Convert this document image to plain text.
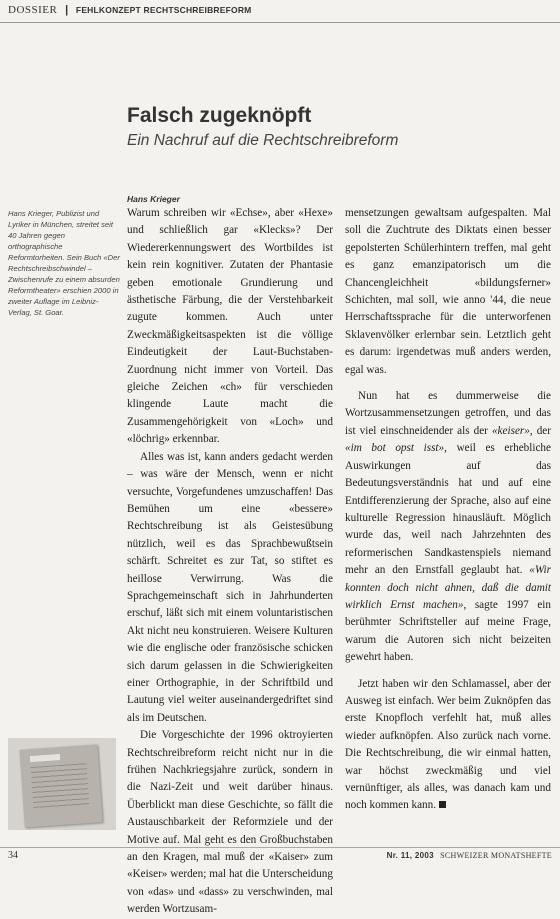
DOSSIER | FEHLKONZEPT RECHTSCHREIBREFORM
Falsch zugeknöpft
Ein Nachruf auf die Rechtschreibreform
Hans Krieger
Hans Krieger, Publizist und Lyriker in München, streitet seit 40 Jahren gegen orthographische Reformtorheiten. Sein Buch «Der Rechtschreibschwindel – Zwischenrufe zu einem absurden Reformtheater» erschien 2000 in zweiter Auflage im Leibniz-Verlag, St. Goar.

Warum schreiben wir «Echse», aber «Hexe» und schließlich gar «Klecks»? Der Wiedererkennungswert des Wortbildes ist kein rein kognitiver. Zutaten der Phantasie geben emotionale Grundierung und ästhetische Färbung, die der Verstehbarkeit zugute kommen. Auch unter Zweckmäßigkeitsaspekten ist die völlige Eindeutigkeit der Laut-Buchstaben-Zuordnung nicht immer von Vorteil. Das gleiche Zeichen «ch» für verschieden klingende Laute macht die Zusammengehörigkeit von «Loch» und «löchrig» erkennbar.

Alles was ist, kann anders gedacht werden – was wäre der Mensch, wenn er nicht versuchte, Vorgefundenes umzuschaffen! Das Bemühen um eine «bessere» Rechtschreibung ist als Geistesübung nützlich, weil es das Sprachbewußtsein schärft. Schreitet es zur Tat, so stiftet es heillose Verwirrung. Was die Sprachgemeinschaft sich in Jahrhunderten erschuf, läßt sich mit einem voluntaristischen Akt nicht neu konstruieren. Weisere Kulturen wie die englische oder französische schicken sich darum gelassen in die Schwierigkeiten einer Orthographie, in der Schriftbild und Lautung viel weiter auseinandergedriftet sind als im Deutschen.

Die Vorgeschichte der 1996 oktroyierten Rechtschreibreform reicht nicht nur in die frühen Nachkriegsjahre zurück, sondern in die Nazi-Zeit und weit darüber hinaus. Überblickt man diese Geschichte, so fällt die Austauschbarkeit der Reformziele und der Motive auf. Mal geht es den Großbuchstaben an den Kragen, mal muß der «Kaiser» zum «Keiser» werden; mal hat die Unterscheidung von «das» und «dass» zu verschwinden, mal werden Wortzusam-

mensetzungen gewaltsam aufgespalten. Mal soll die Zuchtrute des Diktats einen besser gepolsterten Schülerhintern treffen, mal geht es ganz emanzipatorisch um die Chancengleichheit «bildungsferner» Schichten, mal soll, wie anno '44, die neue Herrschaftssprache für die unterworfenen Sklavenvölker erlernbar sein. Letztlich geht es darum: irgendetwas muß anders werden, egal was.

Nun hat es dummerweise die Wortzusammensetzungen getroffen, und das ist viel einschneidender als der «keiser», der «im bot opst isst», weil es erhebliche Auswirkungen auf das Bedeutungsverständnis hat und auf eine Entdifferenzierung der Sprache, also auf eine kulturelle Regression hinausläuft. Möglich wurde das, weil nach Jahrzehnten des reformerischen Sandkastenspiels niemand mehr an den Ernstfall geglaubt hat. «Wir konnten doch nicht ahnen, daß die damit wirklich Ernst machen», sagte 1997 ein berühmter Schriftsteller auf meine Frage, warum die Autoren sich nicht beizeiten gewehrt haben.

Jetzt haben wir den Schlamassel, aber der Ausweg ist einfach. Wer beim Zuknöpfen das erste Knopfloch verfehlt hat, muß alles wieder aufknöpfen. Also zurück nach vorne. Die Rechtschreibung, die wir einmal hatten, war höchst zweckmäßig und viel vernünftiger, als alles, was danach kam und noch kommen kann.

34	Nr. 11, 2003 SCHWEIZER MONATSHEFTE
